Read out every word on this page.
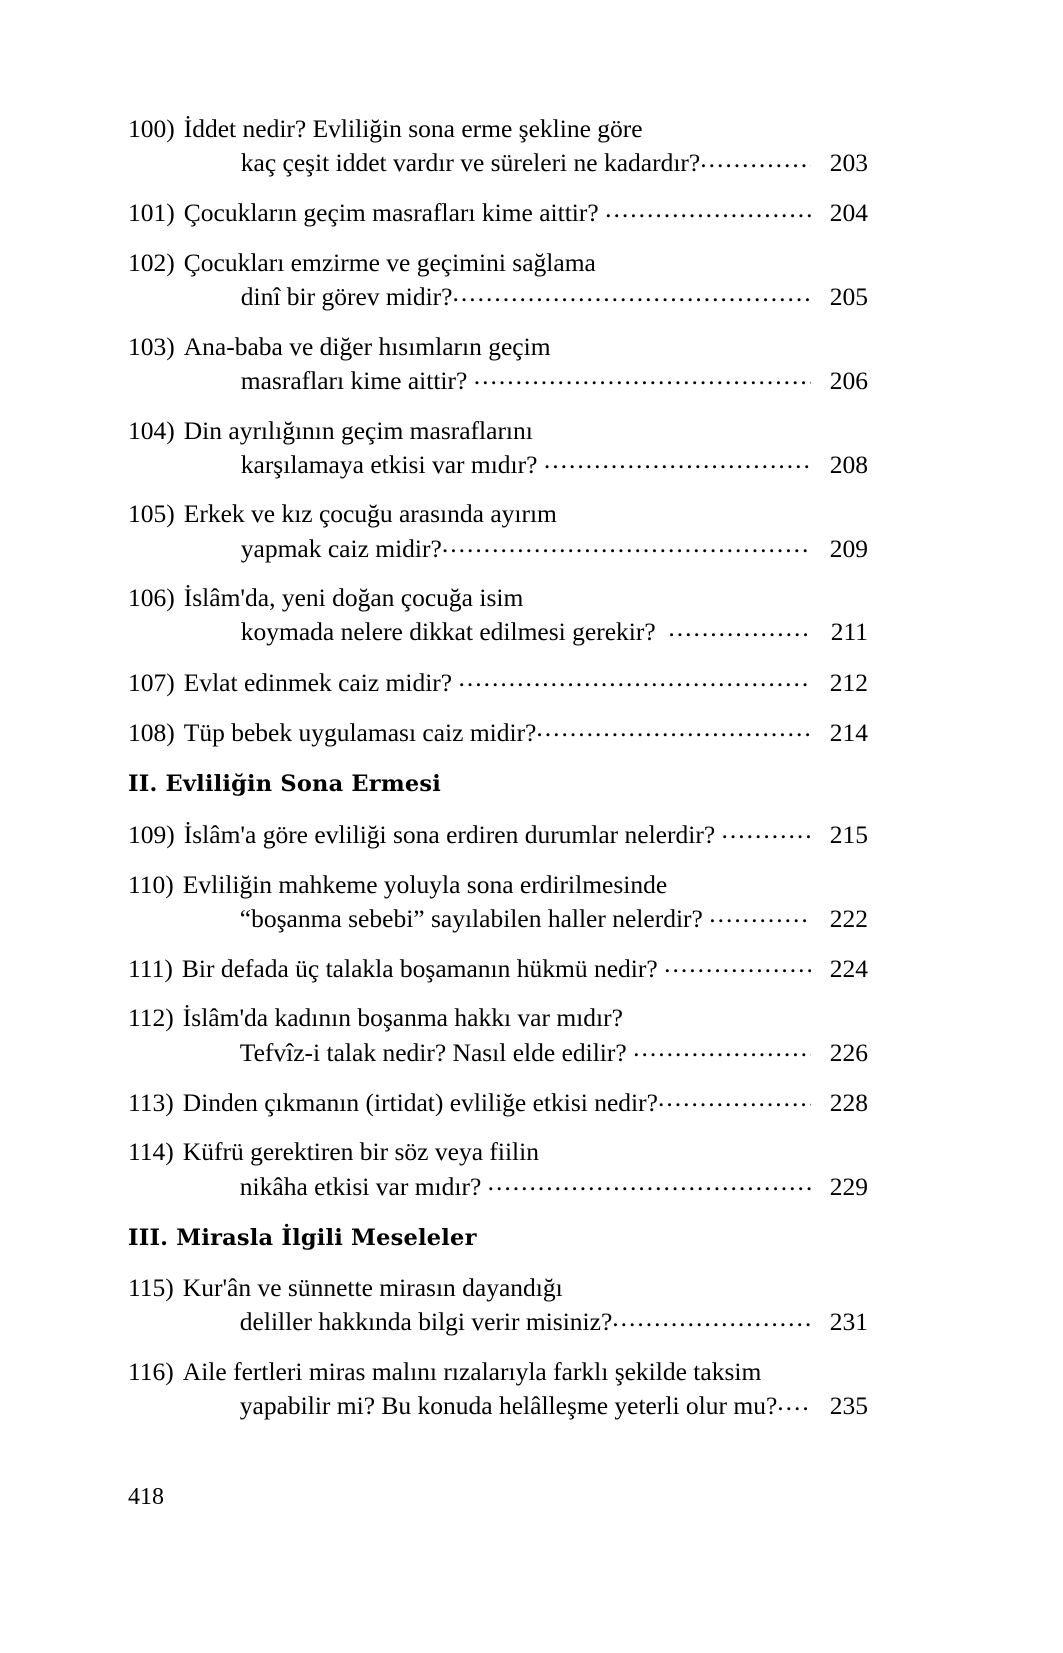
100) İddet nedir? Evliliğin sona erme şekline göre
kaç çeşit iddet vardır ve süreleri ne kadardır? .....	203
101) Çocukların geçim masrafları kime aittir? .....	204
102) Çocukları emzirme ve geçimini sağlama
dinî bir görev midir? .....	205
103) Ana-baba ve diğer hısımların geçim
masrafları kime aittir? .....	206
104) Din ayrılığının geçim masraflarını
karşılamaya etkisi var mıdır? .....	208
105) Erkek ve kız çocuğu arasında ayırım
yapmak caiz midir? .....	209
106) İslâm'da, yeni doğan çocuğa isim
koymada nelere dikkat edilmesi gerekir? .....	211
107) Evlat edinmek caiz midir? .....	212
108) Tüp bebek uygulaması caiz midir? .....	214
II. Evliliğin Sona Ermesi
109) İslâm'a göre evliliği sona erdiren durumlar nelerdir? .....	215
110) Evliliğin mahkeme yoluyla sona erdirilmesinde
“boşanma sebebi” sayılabilen haller nelerdir? .....	222
111) Bir defada üç talakla boşamanın hükmü nedir? .....	224
112) İslâm'da kadının boşanma hakkı var mıdır?
Tefvîz-i talak nedir? Nasıl elde edilir? .....	226
113) Dinden çıkmanın (irtidat) evliliğe etkisi nedir? .....	228
114) Küfrü gerektiren bir söz veya fiilin
nikâha etkisi var mıdır? .....	229
III. Mirasla İlgili Meseleler
115) Kur'ân ve sünnette mirasın dayandığı
deliller hakkında bilgi verir misiniz? .....	231
116) Aile fertleri miras malını rızalarıyla farklı şekilde taksim
yapabilir mi? Bu konuda helâlleşme yeterli olur mu? .....	235
418
